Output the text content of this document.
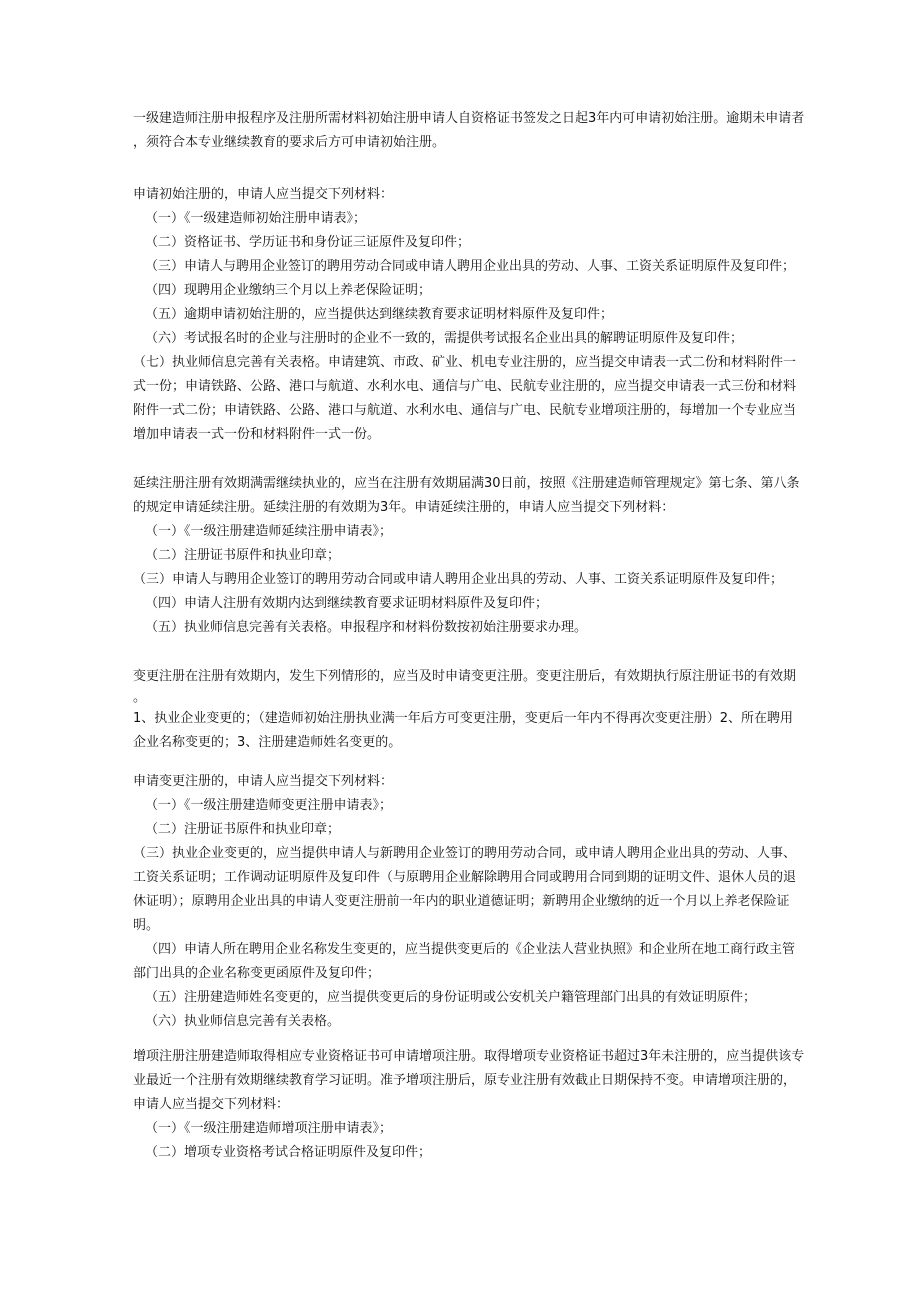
一级建造师注册申报程序及注册所需材料初始注册申请人自资格证书签发之日起3年内可申请初始注册。逾期未申请者
，须符合本专业继续教育的要求后方可申请初始注册。
申请初始注册的，申请人应当提交下列材料：
（一）《一级建造师初始注册申请表》；
（二）资格证书、学历证书和身份证三证原件及复印件；
（三）申请人与聘用企业签订的聘用劳动合同或申请人聘用企业出具的劳动、人事、工资关系证明原件及复印件；
（四）现聘用企业缴纳三个月以上养老保险证明；
（五）逾期申请初始注册的，应当提供达到继续教育要求证明材料原件及复印件；
（六）考试报名时的企业与注册时的企业不一致的，需提供考试报名企业出具的解聘证明原件及复印件；
（七）执业师信息完善有关表格。申请建筑、市政、矿业、机电专业注册的，应当提交申请表一式二份和材料附件一
式一份；申请铁路、公路、港口与航道、水利水电、通信与广电、民航专业注册的，应当提交申请表一式三份和材料
附件一式二份；申请铁路、公路、港口与航道、水利水电、通信与广电、民航专业增项注册的，每增加一个专业应当
增加申请表一式一份和材料附件一式一份。
延续注册注册有效期满需继续执业的，应当在注册有效期届满30日前，按照《注册建造师管理规定》第七条、第八条
的规定申请延续注册。延续注册的有效期为3年。申请延续注册的，申请人应当提交下列材料：
（一）《一级注册建造师延续注册申请表》；
（二）注册证书原件和执业印章；
（三）申请人与聘用企业签订的聘用劳动合同或申请人聘用企业出具的劳动、人事、工资关系证明原件及复印件；
（四）申请人注册有效期内达到继续教育要求证明材料原件及复印件；
（五）执业师信息完善有关表格。申报程序和材料份数按初始注册要求办理。
变更注册在注册有效期内，发生下列情形的，应当及时申请变更注册。变更注册后，有效期执行原注册证书的有效期
。
1、执业企业变更的；（建造师初始注册执业满一年后方可变更注册，变更后一年内不得再次变更注册）2、所在聘用
企业名称变更的；3、注册建造师姓名变更的。
申请变更注册的，申请人应当提交下列材料：
（一）《一级注册建造师变更注册申请表》；
（二）注册证书原件和执业印章；
（三）执业企业变更的，应当提供申请人与新聘用企业签订的聘用劳动合同，或申请人聘用企业出具的劳动、人事、
工资关系证明；工作调动证明原件及复印件（与原聘用企业解除聘用合同或聘用合同到期的证明文件、退休人员的退
休证明）；原聘用企业出具的申请人变更注册前一年内的职业道德证明；新聘用企业缴纳的近一个月以上养老保险证
明。
（四）申请人所在聘用企业名称发生变更的，应当提供变更后的《企业法人营业执照》和企业所在地工商行政主管
部门出具的企业名称变更函原件及复印件；
（五）注册建造师姓名变更的，应当提供变更后的身份证明或公安机关户籍管理部门出具的有效证明原件；
（六）执业师信息完善有关表格。
增项注册注册建造师取得相应专业资格证书可申请增项注册。取得增项专业资格证书超过3年未注册的，应当提供该专
业最近一个注册有效期继续教育学习证明。准予增项注册后，原专业注册有效截止日期保持不变。申请增项注册的，
申请人应当提交下列材料：
（一）《一级注册建造师增项注册申请表》；
（二）增项专业资格考试合格证明原件及复印件；
